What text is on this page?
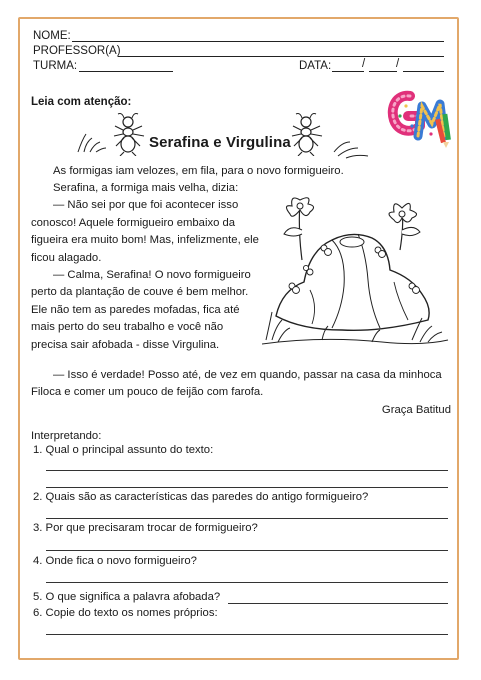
NOME:
PROFESSOR(A)
TURMA:	DATA:	/	/
Leia com atenção:
Serafina e Virgulina

As formigas iam velozes, em fila, para o novo formigueiro.

Serafina, a formiga mais velha, dizia:

— Não sei por que foi acontecer isso conosco! Aquele formigueiro embaixo da figueira era muito bom! Mas, infelizmente, ele ficou alagado.

— Calma, Serafina! O novo formigueiro perto da plantação de couve é bem melhor. Ele não tem as paredes mofadas, fica até mais perto do seu trabalho e você não precisa sair afobada - disse Virgulina.

— Isso é verdade! Posso até, de vez em quando, passar na casa da minhoca Filoca e comer um pouco de feijão com farofa.

Graça Batitud
Interpretando:
1. Qual o principal assunto do texto:
2. Quais são as características das paredes do antigo formigueiro?
3. Por que precisaram trocar de formigueiro?
4. Onde fica o novo formigueiro?
5. O que significa a palavra afobada?
6. Copie do texto os nomes próprios:
